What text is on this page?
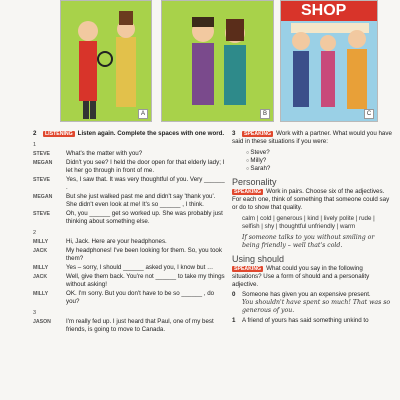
A	B
SHOP
C
2 LISTENING Listen again. Complete the spaces with one word.
1
STEVE	What's the matter with you?
MEGAN	Didn't you see? I held the door open for that elderly lady; I let her go through in front of me.
STEVE	Yes, I saw that. It was very thoughtful of you. Very ______ .
MEGAN	But she just walked past me and didn't say 'thank you'. She didn't even look at me! It's so ______ , I think.
STEVE	Oh, you ______ get so worked up. She was probably just thinking about something else.
2
MILLY	Hi, Jack. Here are your headphones.
JACK	My headphones! I've been looking for them. So, you took them?
MILLY	Yes – sorry, I should ______ asked you, I know but …
JACK	Well, give them back. You're not ______ to take my things without asking!
MILLY	OK. I'm sorry. But you don't have to be so ______ , do you?
3
JASON	I'm really fed up. I just heard that Paul, one of my best friends, is going to move to Canada.
3 SPEAKING Work with a partner. What would you have said in these situations if you were:
○ Steve?
○ Milly?
○ Sarah?
Personality
SPEAKING Work in pairs. Choose six of the adjectives. For each one, think of something that someone could say or do to show that quality.
calm | cold | generous | kind | lively polite | rude | selfish | shy | thoughtful unfriendly | warm
If someone talks to you without smiling or being friendly – well that's cold.
Using should
SPEAKING What could you say in the following situations? Use a form of should and a personality adjective.
0	Someone has given you an expensive present.
You shouldn't have spent so much! That was so generous of you.
1	A friend of yours has said something unkind to
